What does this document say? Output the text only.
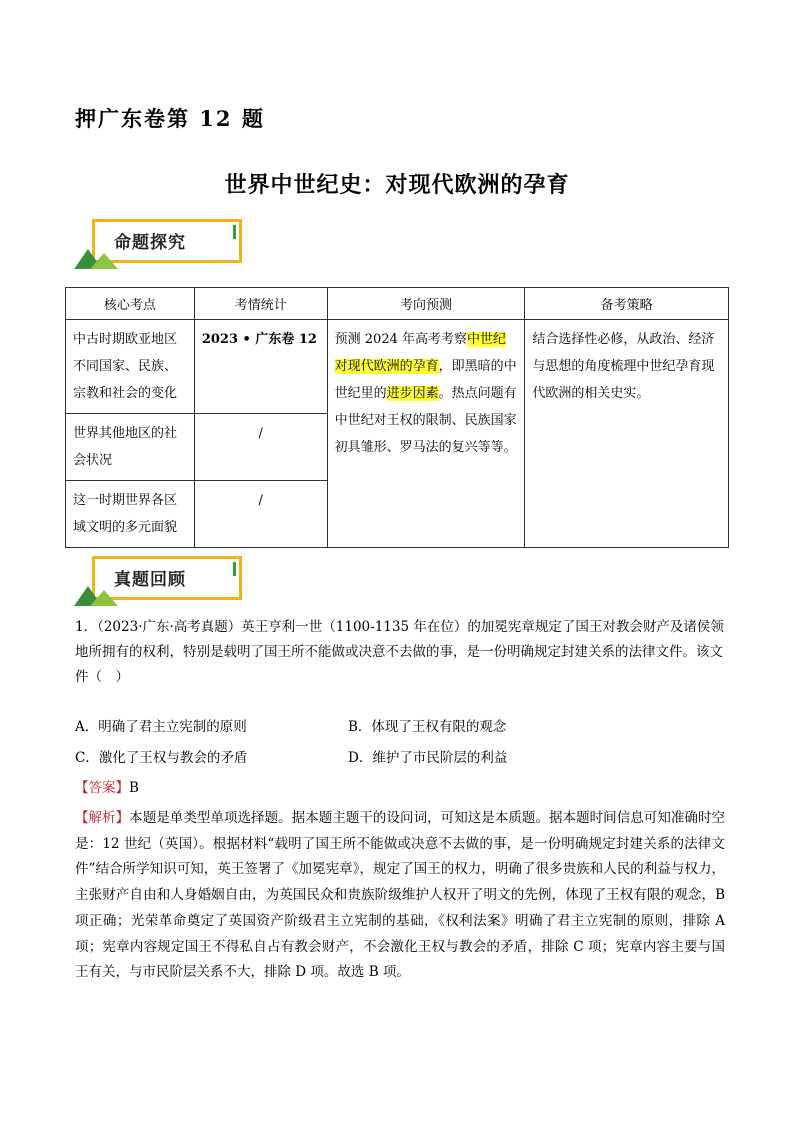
押广东卷第 12 题
世界中世纪史：对现代欧洲的孕育
命题探究
核心考点	考情统计	考向预测	备考策略
中古时期欧亚地区不同国家、民族、宗教和社会的变化	2023 • 广东卷 12	预测 2024 年高考考察中世纪对现代欧洲的孕育，即黑暗的中世纪里的进步因素。热点问题有中世纪对王权的限制、民族国家初具雏形、罗马法的复兴等等。	结合选择性必修，从政治、经济与思想的角度梳理中世纪孕育现代欧洲的相关史实。
世界其他地区的社会状况	/		
这一时期世界各区域文明的多元面貌	/		
真题回顾
1．（2023·广东·高考真题）英王亨利一世（1100-1135 年在位）的加冕宪章规定了国王对教会财产及诸侯领地所拥有的权利，特别是载明了国王所不能做或决意不去做的事，是一份明确规定封建关系的法律文件。该文件（　）
A．明确了君主立宪制的原则	B．体现了王权有限的观念
C．激化了王权与教会的矛盾	D．维护了市民阶层的利益
【答案】B
【解析】本题是单类型单项选择题。据本题主题干的设问词，可知这是本质题。据本题时间信息可知准确时空是：12 世纪（英国）。根据材料“载明了国王所不能做或决意不去做的事，是一份明确规定封建关系的法律文件”结合所学知识可知，英王签署了《加冕宪章》，规定了国王的权力，明确了很多贵族和人民的利益与权力，主张财产自由和人身婚姻自由，为英国民众和贵族阶级维护人权开了明文的先例，体现了王权有限的观念，B 项正确；光荣革命奠定了英国资产阶级君主立宪制的基础，《权利法案》明确了君主立宪制的原则，排除 A 项；宪章内容规定国王不得私自占有教会财产，不会激化王权与教会的矛盾，排除 C 项；宪章内容主要与国王有关，与市民阶层关系不大，排除 D 项。故选 B 项。
